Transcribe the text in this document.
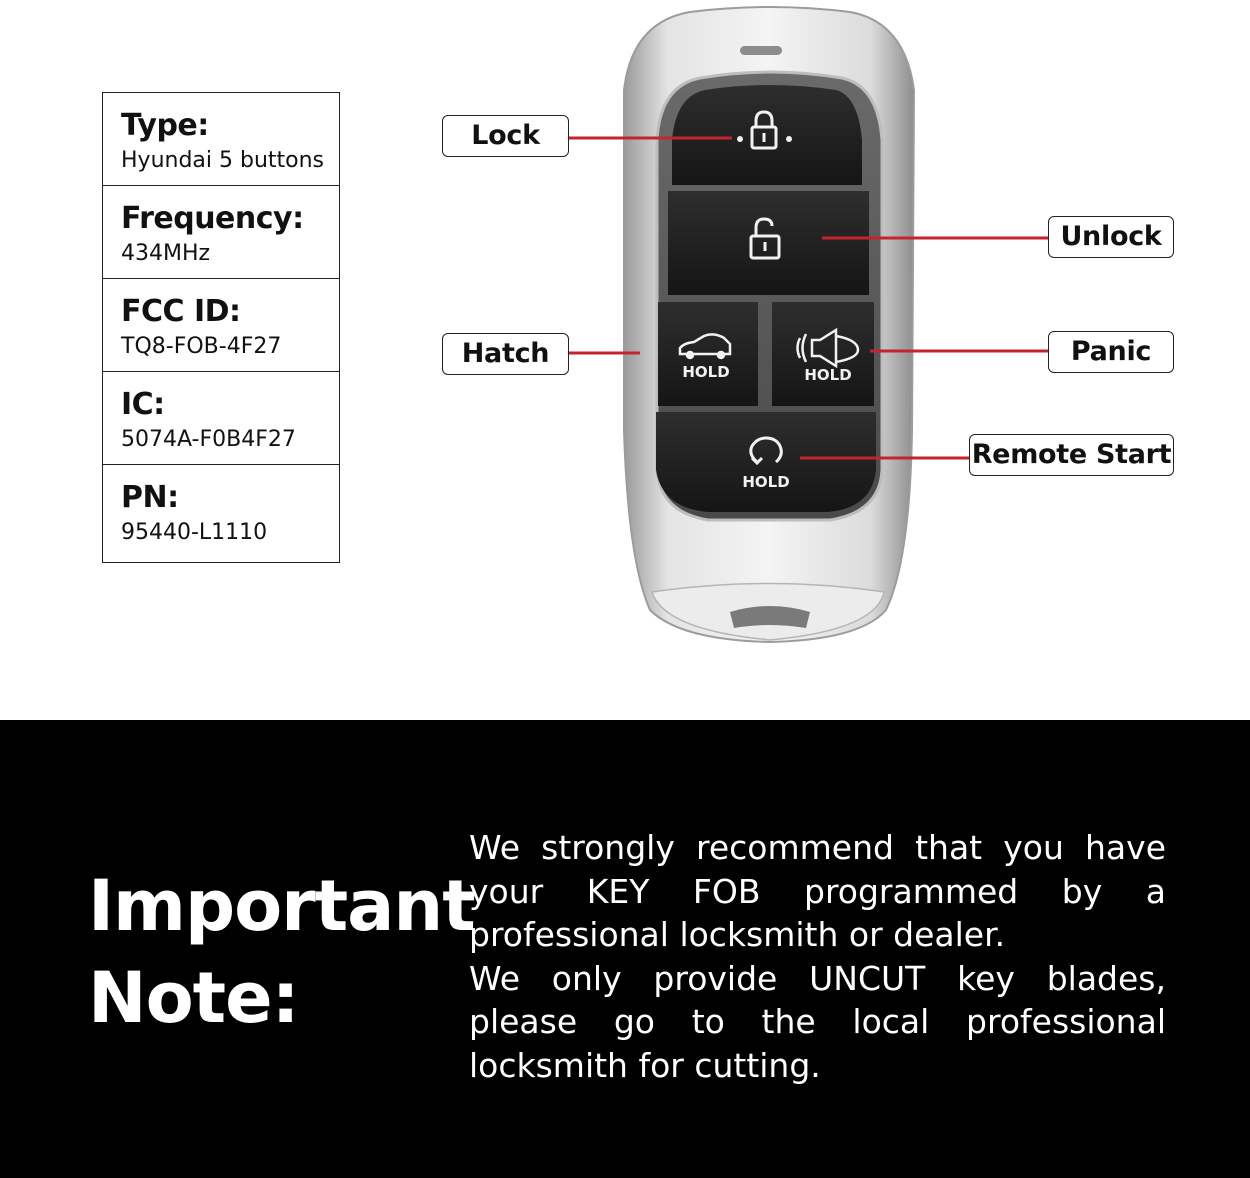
Type:
Hyundai 5 buttons
Frequency:
434MHz
FCC ID:
TQ8-FOB-4F27
IC:
5074A-F0B4F27
PN:
95440-L1110
HOLD	HOLD
HOLD
Lock
Unlock
Hatch	Panic
Remote Start
Important
Note:

We strongly recommend that you have your KEY FOB programmed by a professional locksmith or dealer.

We only provide UNCUT key blades, please go to the local professional locksmith for cutting.
